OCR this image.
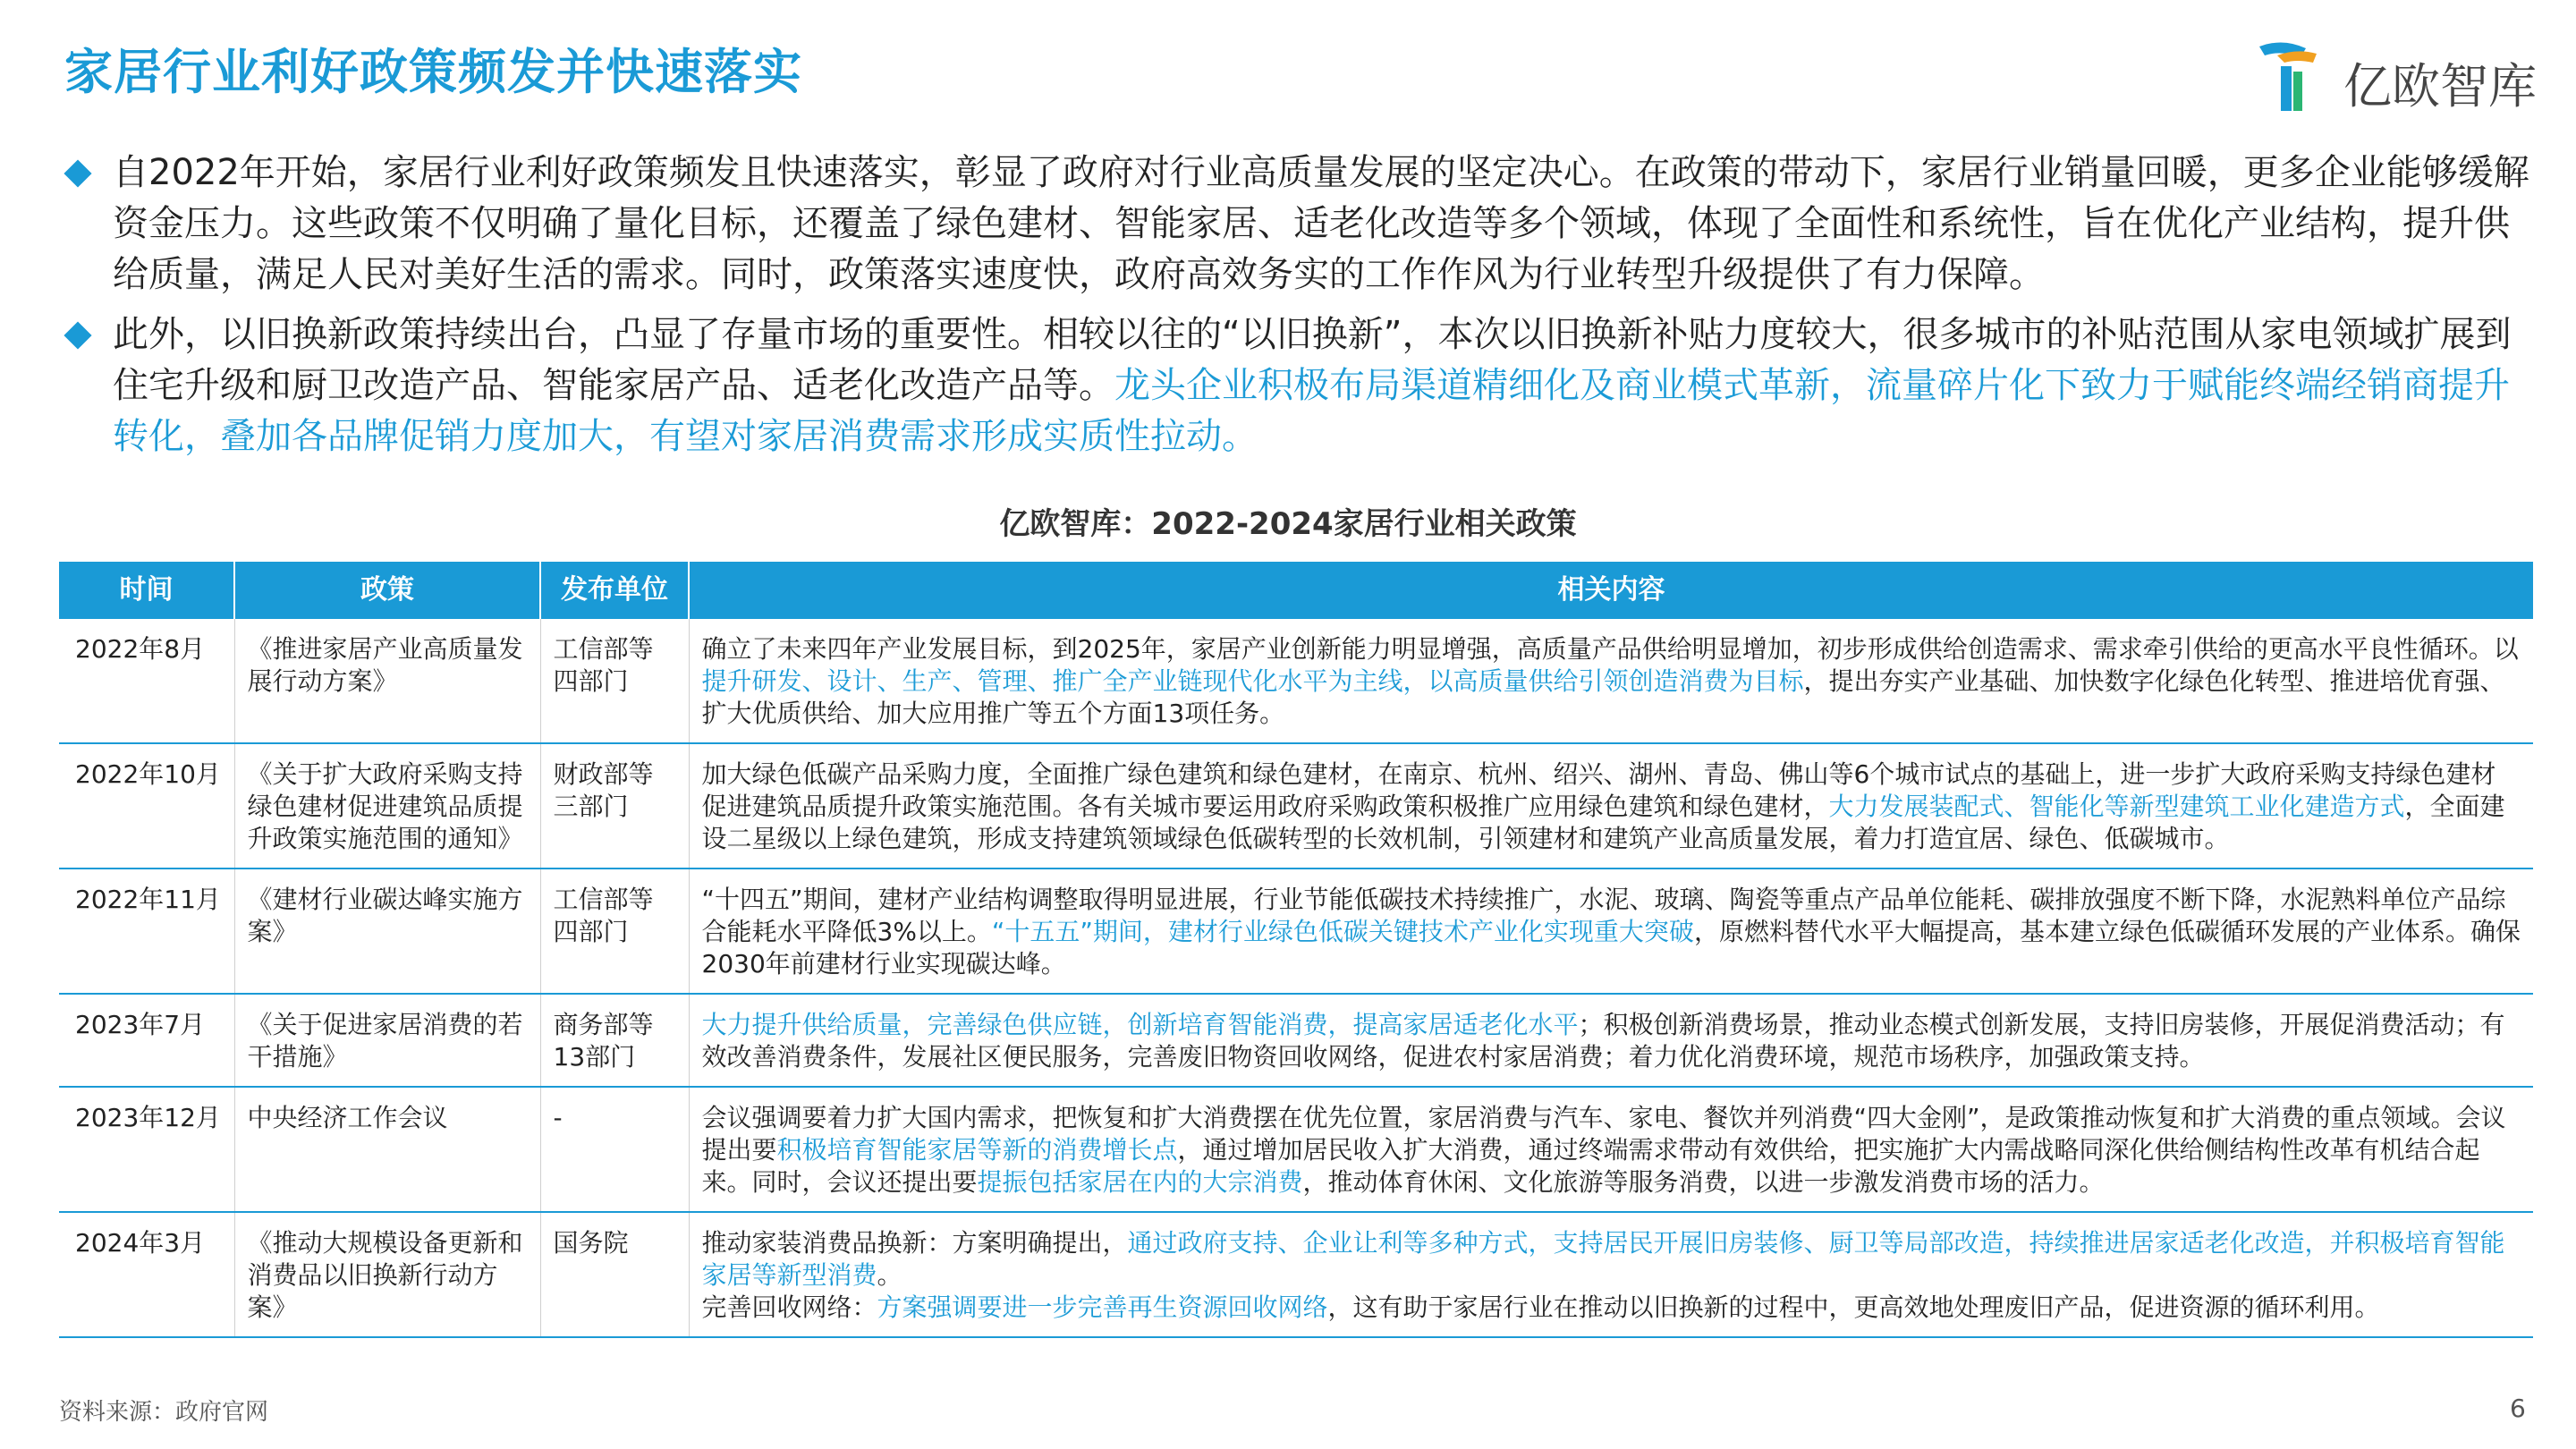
家居行业利好政策频发并快速落实	亿欧智库
自2022年开始，家居行业利好政策频发且快速落实，彰显了政府对行业高质量发展的坚定决心。在政策的带动下，家居行业销量回暖，更多企业能够缓解资金压力。这些政策不仅明确了量化目标，还覆盖了绿色建材、智能家居、适老化改造等多个领域，体现了全面性和系统性，旨在优化产业结构，提升供给质量，满足人民对美好生活的需求。同时，政策落实速度快，政府高效务实的工作作风为行业转型升级提供了有力保障。
此外，以旧换新政策持续出台，凸显了存量市场的重要性。相较以往的“以旧换新”，本次以旧换新补贴力度较大，很多城市的补贴范围从家电领域扩展到住宅升级和厨卫改造产品、智能家居产品、适老化改造产品等。龙头企业积极布局渠道精细化及商业模式革新，流量碎片化下致力于赋能终端经销商提升转化，叠加各品牌促销力度加大，有望对家居消费需求形成实质性拉动。
亿欧智库：2022-2024家居行业相关政策
时间	政策	发布单位	相关内容
2022年8月	《推进家居产业高质量发展行动方案》	工信部等四部门	确立了未来四年产业发展目标，到2025年，家居产业创新能力明显增强，高质量产品供给明显增加，初步形成供给创造需求、需求牵引供给的更高水平良性循环。以提升研发、设计、生产、管理、推广全产业链现代化水平为主线，以高质量供给引领创造消费为目标，提出夯实产业基础、加快数字化绿色化转型、推进培优育强、扩大优质供给、加大应用推广等五个方面13项任务。
2022年10月	《关于扩大政府采购支持绿色建材促进建筑品质提升政策实施范围的通知》	财政部等三部门	加大绿色低碳产品采购力度，全面推广绿色建筑和绿色建材，在南京、杭州、绍兴、湖州、青岛、佛山等6个城市试点的基础上，进一步扩大政府采购支持绿色建材促进建筑品质提升政策实施范围。各有关城市要运用政府采购政策积极推广应用绿色建筑和绿色建材，大力发展装配式、智能化等新型建筑工业化建造方式，全面建设二星级以上绿色建筑，形成支持建筑领域绿色低碳转型的长效机制，引领建材和建筑产业高质量发展，着力打造宜居、绿色、低碳城市。
2022年11月	《建材行业碳达峰实施方案》	工信部等四部门	“十四五”期间，建材产业结构调整取得明显进展，行业节能低碳技术持续推广，水泥、玻璃、陶瓷等重点产品单位能耗、碳排放强度不断下降，水泥熟料单位产品综合能耗水平降低3%以上。“十五五”期间，建材行业绿色低碳关键技术产业化实现重大突破，原燃料替代水平大幅提高，基本建立绿色低碳循环发展的产业体系。确保2030年前建材行业实现碳达峰。
2023年7月	《关于促进家居消费的若干措施》	商务部等13部门	大力提升供给质量，完善绿色供应链，创新培育智能消费，提高家居适老化水平；积极创新消费场景，推动业态模式创新发展，支持旧房装修，开展促消费活动；有效改善消费条件，发展社区便民服务，完善废旧物资回收网络，促进农村家居消费；着力优化消费环境，规范市场秩序，加强政策支持。
2023年12月	中央经济工作会议	-	会议强调要着力扩大国内需求，把恢复和扩大消费摆在优先位置，家居消费与汽车、家电、餐饮并列消费“四大金刚”，是政策推动恢复和扩大消费的重点领域。会议提出要积极培育智能家居等新的消费增长点，通过增加居民收入扩大消费，通过终端需求带动有效供给，把实施扩大内需战略同深化供给侧结构性改革有机结合起来。同时，会议还提出要提振包括家居在内的大宗消费，推动体育休闲、文化旅游等服务消费，以进一步激发消费市场的活力。
2024年3月	《推动大规模设备更新和消费品以旧换新行动方案》	国务院	推动家装消费品换新：方案明确提出，通过政府支持、企业让利等多种方式，支持居民开展旧房装修、厨卫等局部改造，持续推进居家适老化改造，并积极培育智能家居等新型消费。
完善回收网络：方案强调要进一步完善再生资源回收网络，这有助于家居行业在推动以旧换新的过程中，更高效地处理废旧产品，促进资源的循环利用。
资料来源：政府官网	6
